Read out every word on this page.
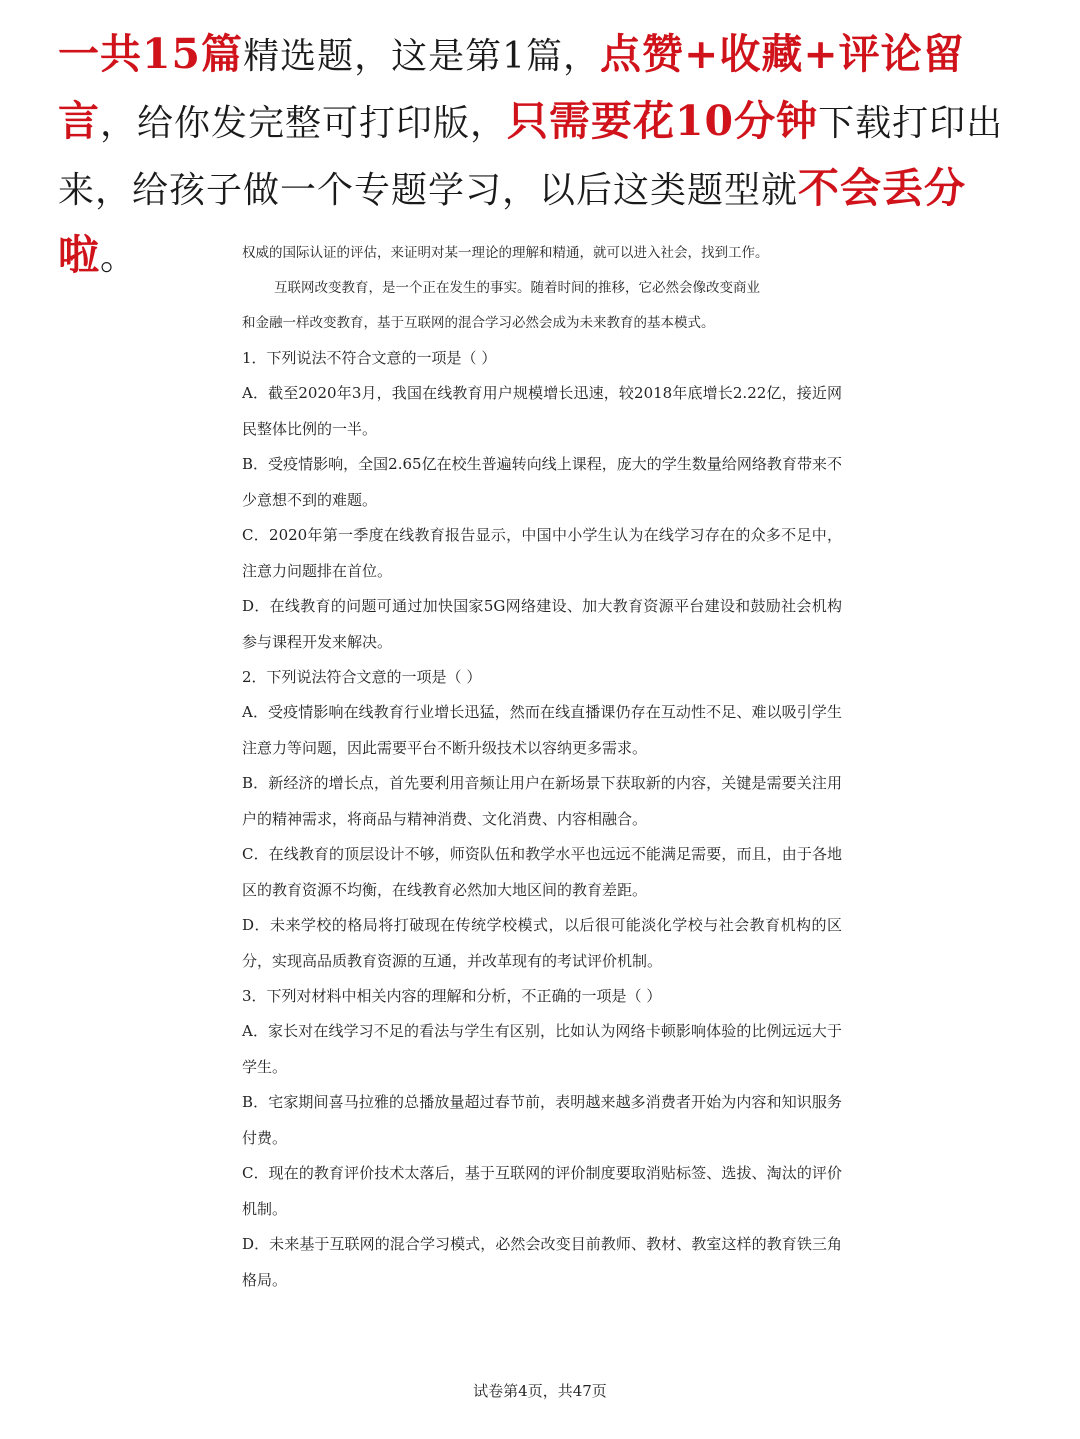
一共15篇精选题，这是第1篇，点赞+收藏+评论留言，给你发完整可打印版，只需要花10分钟下载打印出来，给孩子做一个专题学习，以后这类题型就不会丢分啦。	权威的国际认证的评估，来证明对某一理论的理解和精通，就可以进入社会，找到工作。

互联网改变教育，是一个正在发生的事实。随着时间的推移，它必然会像改变商业

和金融一样改变教育，基于互联网的混合学习必然会成为未来教育的基本模式。

1．下列说法不符合文意的一项是（ ）

A．截至2020年3月，我国在线教育用户规模增长迅速，较2018年底增长2.22亿，接近网民整体比例的一半。

B．受疫情影响，全国2.65亿在校生普遍转向线上课程，庞大的学生数量给网络教育带来不少意想不到的难题。

C．2020年第一季度在线教育报告显示，中国中小学生认为在线学习存在的众多不足中，注意力问题排在首位。

D．在线教育的问题可通过加快国家5G网络建设、加大教育资源平台建设和鼓励社会机构参与课程开发来解决。

2．下列说法符合文意的一项是（ ）

A．受疫情影响在线教育行业增长迅猛，然而在线直播课仍存在互动性不足、难以吸引学生注意力等问题，因此需要平台不断升级技术以容纳更多需求。

B．新经济的增长点，首先要利用音频让用户在新场景下获取新的内容，关键是需要关注用户的精神需求，将商品与精神消费、文化消费、内容相融合。

C．在线教育的顶层设计不够，师资队伍和教学水平也远远不能满足需要，而且，由于各地区的教育资源不均衡，在线教育必然加大地区间的教育差距。

D．未来学校的格局将打破现在传统学校模式，以后很可能淡化学校与社会教育机构的区分，实现高品质教育资源的互通，并改革现有的考试评价机制。

3．下列对材料中相关内容的理解和分析，不正确的一项是（ ）

A．家长对在线学习不足的看法与学生有区别，比如认为网络卡顿影响体验的比例远远大于学生。

B．宅家期间喜马拉雅的总播放量超过春节前，表明越来越多消费者开始为内容和知识服务付费。

C．现在的教育评价技术太落后，基于互联网的评价制度要取消贴标签、选拔、淘汰的评价机制。

D．未来基于互联网的混合学习模式，必然会改变目前教师、教材、教室这样的教育铁三角格局。

试卷第4页，共47页
